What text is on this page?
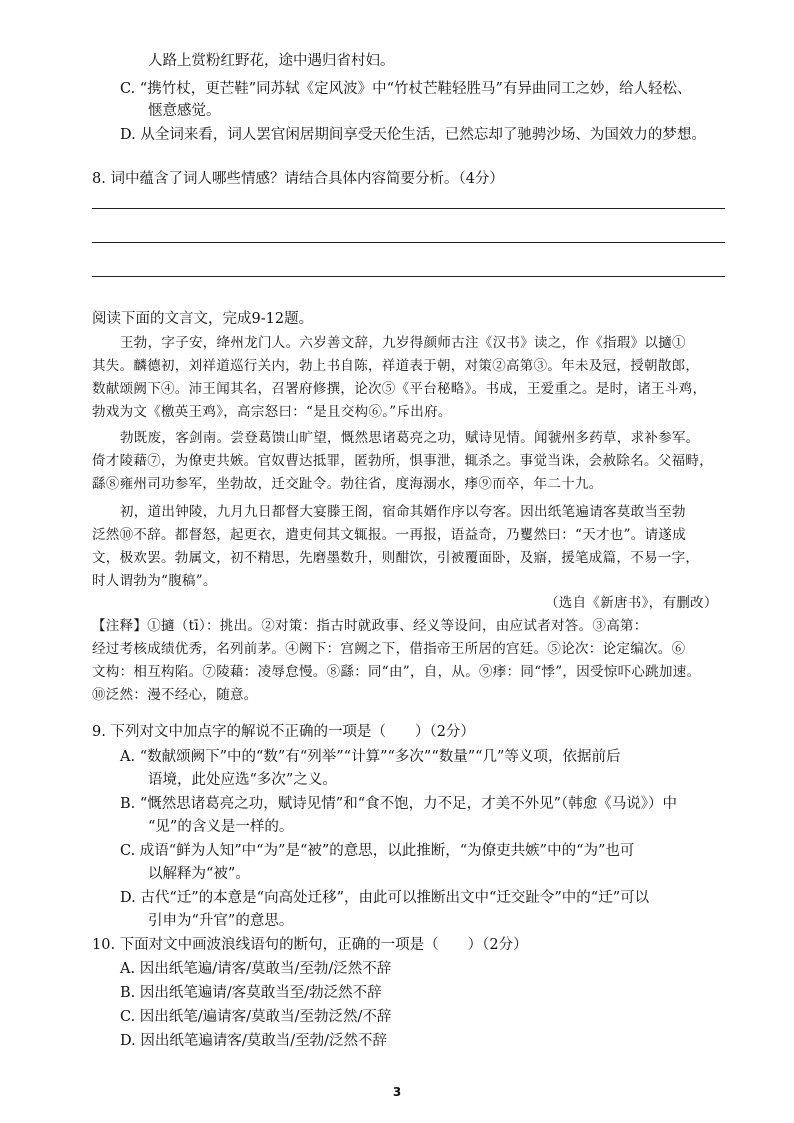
人路上赏粉红野花，途中遇归省村妇。
C. “携竹杖，更芒鞋”同苏轼《定风波》中“竹杖芒鞋轻胜马”有异曲同工之妙，给人轻松、
惬意感觉。
D. 从全词来看，词人罢官闲居期间享受天伦生活，已然忘却了驰骋沙场、为国效力的梦想。
8. 词中蕴含了词人哪些情感？请结合具体内容简要分析。（4分）
阅读下面的文言文，完成9-12题。
王勃，字子安，绛州龙门人。六岁善文辞，九岁得颜师古注《汉书》读之，作《指瑕》以擿①
其失。麟德初，刘祥道巡行关内，勃上书自陈，祥道表于朝，对策②高第③。年未及冠，授朝散郎，
数献颂阙下④。沛王闻其名，召署府修撰，论次⑤《平台秘略》。书成，王爱重之。是时，诸王斗鸡，
勃戏为文《檄英王鸡》，高宗怒曰：“是且交构⑥。”斥出府。
勃既废，客剑南。尝登葛馈山旷望，慨然思诸葛亮之功，赋诗见情。闻虢州多药草，求补参军。
倚才陵藉⑦，为僚吏共嫉。官奴曹达抵罪，匿勃所，惧事泄，辄杀之。事觉当诛，会赦除名。父福畤，
繇⑧雍州司功参军，坐勃故，迁交趾令。勃往省，度海溺水，痵⑨而卒，年二十九。
初，道出钟陵，九月九日都督大宴滕王阁，宿命其婿作序以夸客。因出纸笔遍请客莫敢当至勃
泛然⑩不辞。都督怒，起更衣，遣吏伺其文辄报。一再报，语益奇，乃矍然曰：“天才也”。请遂成
文，极欢罢。勃属文，初不精思，先磨墨数升，则酣饮，引被覆面卧，及寤，援笔成篇，不易一字，
时人谓勃为“腹稿”。
（选自《新唐书》，有删改）
【注释】①擿（tī）：挑出。②对策：指古时就政事、经义等设问，由应试者对答。③高第：
经过考核成绩优秀，名列前茅。④阙下：宫阙之下，借指帝王所居的宫廷。⑤论次：论定编次。⑥
文构：相互构陷。⑦陵藉：凌辱怠慢。⑧繇：同“由”，自，从。⑨痵：同“悸”，因受惊吓心跳加速。
⑩泛然：漫不经心，随意。
9. 下列对文中加点字的解说不正确的一项是（　　）（2分）
A. “数献颂阙下”中的“数”有“列举”“计算”“多次”“数量”“几”等义项，依据前后
语境，此处应选“多次”之义。
B. “慨然思诸葛亮之功，赋诗见情”和“食不饱，力不足，才美不外见”（韩愈《马说》）中
“见”的含义是一样的。
C. 成语“鲜为人知”中“为”是“被”的意思，以此推断，“为僚吏共嫉”中的“为”也可
以解释为“被”。
D. 古代“迁”的本意是“向高处迁移”，由此可以推断出文中“迁交趾令”中的“迁”可以
引申为“升官”的意思。
10. 下面对文中画波浪线语句的断句，正确的一项是（　　）（2分）
A. 因出纸笔遍/请客/莫敢当/至勃/泛然不辞
B. 因出纸笔遍请/客莫敢当至/勃泛然不辞
C. 因出纸笔/遍请客/莫敢当/至勃泛然/不辞
D. 因出纸笔遍请客/莫敢当/至勃/泛然不辞
3
